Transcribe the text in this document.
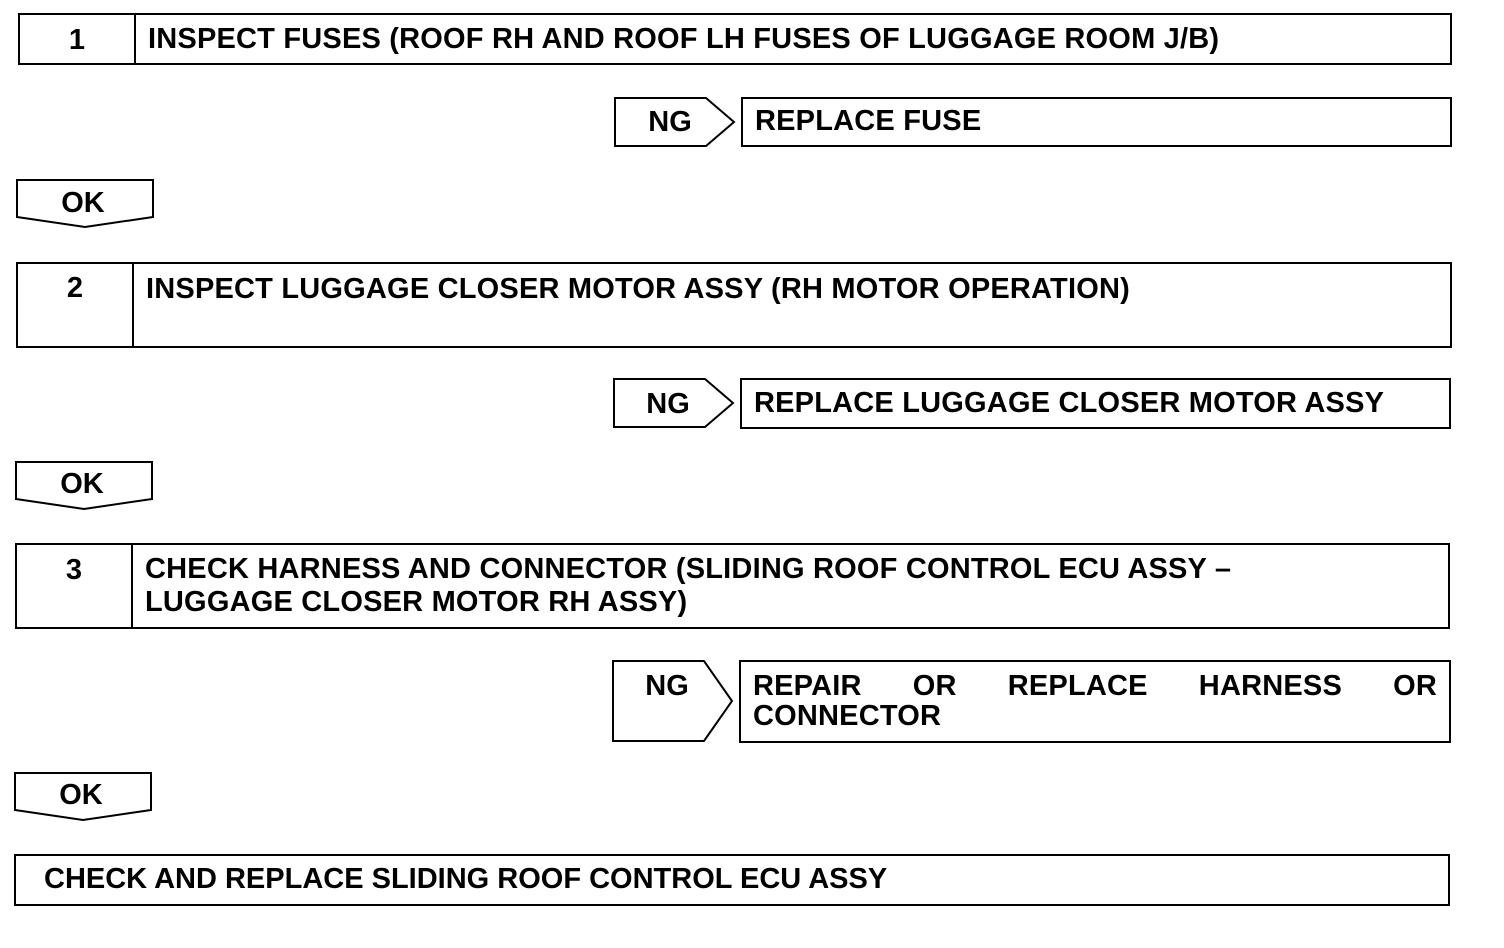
1	INSPECT FUSES (ROOF RH AND ROOF LH FUSES OF LUGGAGE ROOM J/B)
NG	REPLACE FUSE
OK
2	INSPECT LUGGAGE CLOSER MOTOR ASSY (RH MOTOR OPERATION)
NG	REPLACE LUGGAGE CLOSER MOTOR ASSY
OK
3	CHECK HARNESS AND CONNECTOR (SLIDING ROOF CONTROL ECU ASSY –
LUGGAGE CLOSER MOTOR RH ASSY)
NG	REPAIR OR REPLACE HARNESS OR
CONNECTOR
OK
CHECK AND REPLACE SLIDING ROOF CONTROL ECU ASSY
